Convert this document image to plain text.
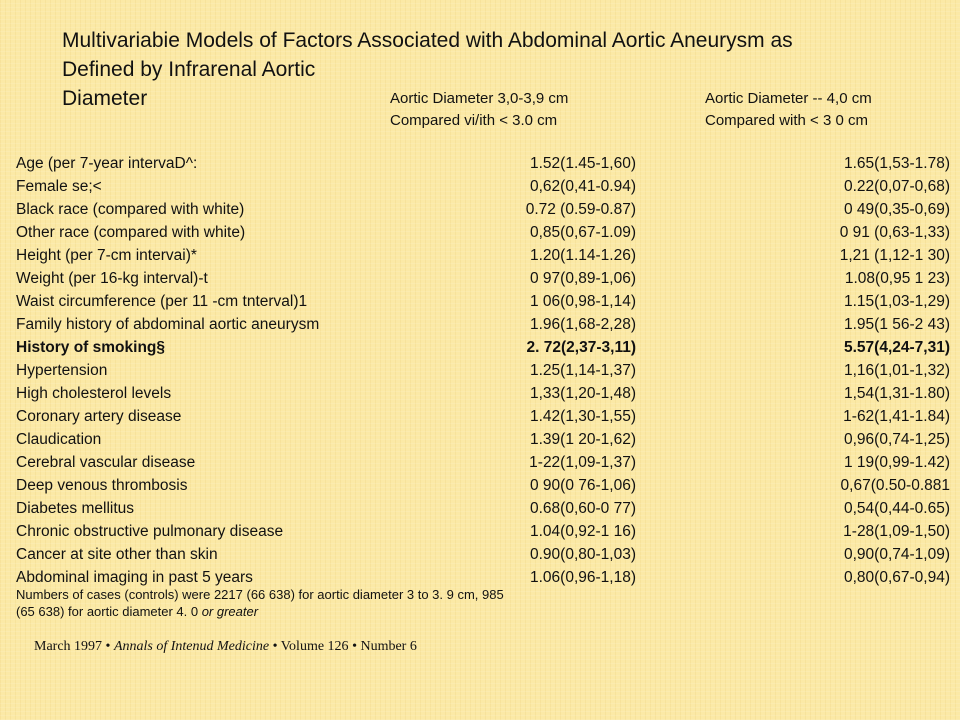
Multivariabie Models of Factors Associated with Abdominal Aortic Aneurysm as
Defined by Infrarenal Aortic
Diameter	Aortic Diameter 3,0-3,9 cm
Compared vi/ith < 3.0 cm
Aortic Diameter -- 4,0 cm
Compared with < 3 0 cm
Age (per 7-year intervaD^:	1.52(1.45-1,60)	1.65(1,53-1.78)
Female se;<	0,62(0,41-0.94)	0.22(0,07-0,68)
Black race (compared with white)	0.72 (0.59-0.87)	0 49(0,35-0,69)
Other race (compared with white)	0,85(0,67-1.09)	0 91 (0,63-1,33)
Height (per 7-cm intervai)*	1.20(1.14-1.26)	1,21 (1,12-1 30)
Weight (per 16-kg interval)-t	0 97(0,89-1,06)	1.08(0,95 1 23)
Waist circumference (per 11 -cm tnterval)1	1 06(0,98-1,14)	1.15(1,03-1,29)
Family history of abdominal aortic aneurysm	1.96(1,68-2,28)	1.95(1 56-2 43)
History of smoking§	2. 72(2,37-3,11)	5.57(4,24-7,31)
Hypertension	1.25(1,14-1,37)	1,16(1,01-1,32)
High cholesterol levels	1,33(1,20-1,48)	1,54(1,31-1.80)
Coronary artery disease	1.42(1,30-1,55)	1-62(1,41-1.84)
Claudication	1.39(1 20-1,62)	0,96(0,74-1,25)
Cerebral vascular disease	1-22(1,09-1,37)	1 19(0,99-1.42)
Deep venous thrombosis	0 90(0 76-1,06)	0,67(0.50-0.881
Diabetes mellitus	0.68(0,60-0 77)	0,54(0,44-0.65)
Chronic obstructive pulmonary disease	1.04(0,92-1 16)	1-28(1,09-1,50)
Cancer at site other than skin	0.90(0,80-1,03)	0,90(0,74-1,09)
Abdominal imaging in past 5 years	1.06(0,96-1,18)	0,80(0,67-0,94)
Numbers of cases (controls) were 2217 (66 638) for aortic diameter 3 to 3. 9 cm, 985
(65 638) for aortic diameter 4. 0 or greater
March 1997 • Annals of Intenud Medicine • Volume 126 • Number 6
